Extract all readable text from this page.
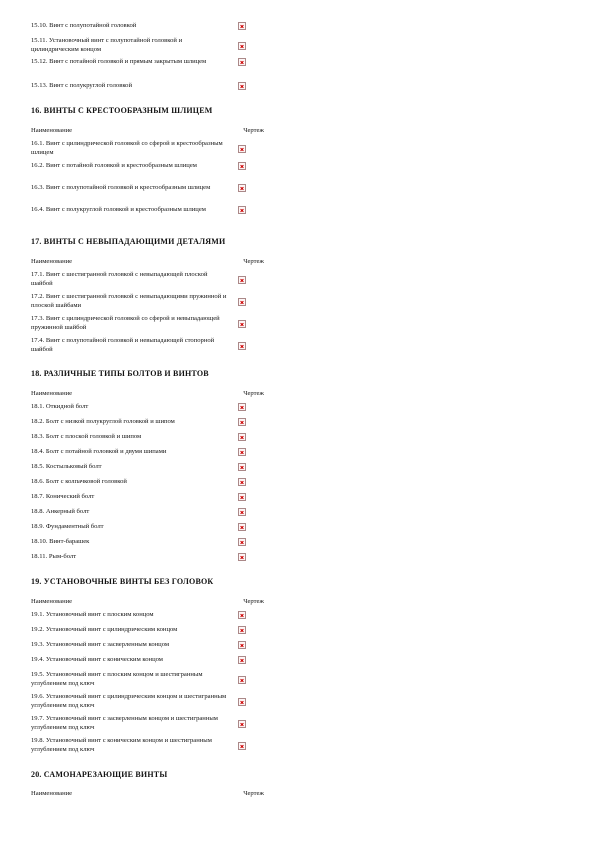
15.10. Винт с полупотайной головкой
15.11. Установочный винт с полупотайной головкой и цилиндрическим концом
15.12. Винт с потайной головкой и прямым закрытым шлицем
15.13. Винт с полукруглой головкой
16. ВИНТЫ С КРЕСТООБРАЗНЫМ ШЛИЦЕМ
Наименование	Чертеж
16.1. Винт с цилиндрической головкой со сферой и крестообразным шлицем
16.2. Винт с потайной головкой и крестообразным шлицем
16.3. Винт с полупотайной головкой и крестообразным шлицем
16.4. Винт с полукруглой головкой и крестообразным шлицем
17. ВИНТЫ С НЕВЫПАДАЮЩИМИ ДЕТАЛЯМИ
Наименование	Чертеж
17.1. Винт с шестигранной головкой с невыпадающей плоской шайбой
17.2. Винт с шестигранной головкой с невыпадающими пружинной и плоской шайбами
17.3. Винт с цилиндрической головкой со сферой и невыпадающей пружинной шайбой
17.4. Винт с полупотайной головкой и невыпадающей стопорной шайбой
18. РАЗЛИЧНЫЕ ТИПЫ БОЛТОВ И ВИНТОВ
Наименование	Чертеж
18.1. Откидной болт
18.2. Болт с низкой полукруглой головкой и шипом
18.3. Болт с плоской головкой и шипом
18.4. Болт с потайной головкой и двумя шипами
18.5. Костыльковый болт
18.6. Болт с колпачковой головкой
18.7. Конический болт
18.8. Анкерный болт
18.9. Фундаментный болт
18.10. Винт-барашек
18.11. Рым-болт
19. УСТАНОВОЧНЫЕ ВИНТЫ БЕЗ ГОЛОВОК
Наименование	Чертеж
19.1. Установочный винт с плоским концом
19.2. Установочный винт с цилиндрическим концом
19.3. Установочный винт с засверленным концом
19.4. Установочный винт с коническим концом
19.5. Установочный винт с плоским концом и шестигранным углублением под ключ
19.6. Установочный винт с цилиндрическим концом и шестигранным углублением под ключ
19.7. Установочный винт с засверленным концом и шестигранным углублением под ключ
19.8. Установочный винт с коническим концом и шестигранным углублением под ключ
20. САМОНАРЕЗАЮЩИЕ ВИНТЫ
Наименование	Чертеж
